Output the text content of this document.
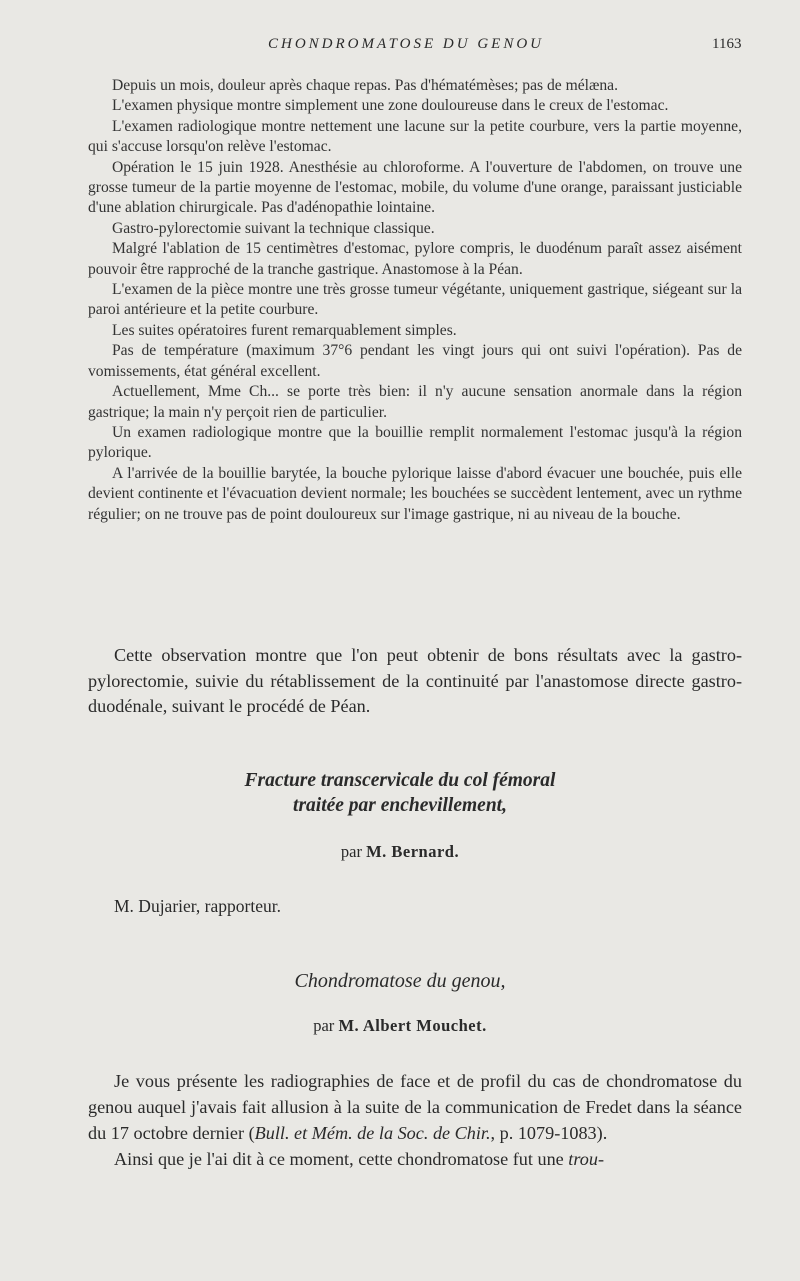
CHONDROMATOSE DU GENOU	1163

Depuis un mois, douleur après chaque repas. Pas d'hématémèses; pas de mélæna.

L'examen physique montre simplement une zone douloureuse dans le creux de l'estomac.

L'examen radiologique montre nettement une lacune sur la petite courbure, vers la partie moyenne, qui s'accuse lorsqu'on relève l'estomac.

Opération le 15 juin 1928. Anesthésie au chloroforme. A l'ouverture de l'abdomen, on trouve une grosse tumeur de la partie moyenne de l'estomac, mobile, du volume d'une orange, paraissant justiciable d'une ablation chirurgicale. Pas d'adénopathie lointaine.

Gastro-pylorectomie suivant la technique classique.

Malgré l'ablation de 15 centimètres d'estomac, pylore compris, le duodénum paraît assez aisément pouvoir être rapproché de la tranche gastrique. Anastomose à la Péan.

L'examen de la pièce montre une très grosse tumeur végétante, uniquement gastrique, siégeant sur la paroi antérieure et la petite courbure.

Les suites opératoires furent remarquablement simples.

Pas de température (maximum 37°6 pendant les vingt jours qui ont suivi l'opération). Pas de vomissements, état général excellent.

Actuellement, Mme Ch... se porte très bien: il n'y aucune sensation anormale dans la région gastrique; la main n'y perçoit rien de particulier.

Un examen radiologique montre que la bouillie remplit normalement l'estomac jusqu'à la région pylorique.

A l'arrivée de la bouillie barytée, la bouche pylorique laisse d'abord évacuer une bouchée, puis elle devient continente et l'évacuation devient normale; les bouchées se succèdent lentement, avec un rythme régulier; on ne trouve pas de point douloureux sur l'image gastrique, ni au niveau de la bouche.

Cette observation montre que l'on peut obtenir de bons résultats avec la gastro-pylorectomie, suivie du rétablissement de la continuité par l'anastomose directe gastro-duodénale, suivant le procédé de Péan.

Fracture transcervicale du col fémoral
traitée par enchevillement,
par M. Bernard.
M. Dujarier, rapporteur.
Chondromatose du genou,
par M. Albert Mouchet.

Je vous présente les radiographies de face et de profil du cas de chondromatose du genou auquel j'avais fait allusion à la suite de la communication de Fredet dans la séance du 17 octobre dernier (Bull. et Mém. de la Soc. de Chir., p. 1079-1083).

Ainsi que je l'ai dit à ce moment, cette chondromatose fut une trou-
